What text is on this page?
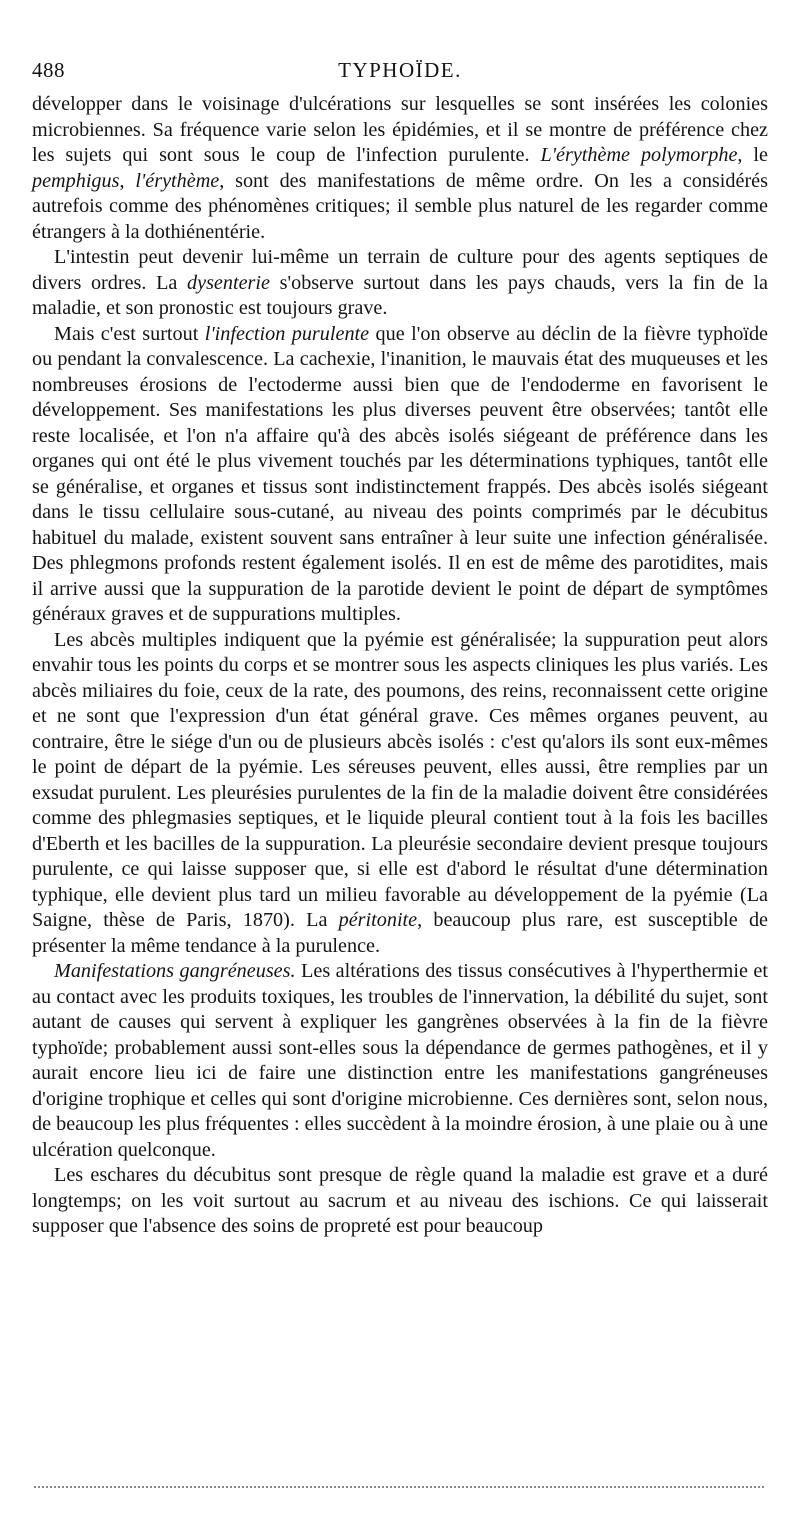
488	TYPHOÏDE.

développer dans le voisinage d'ulcérations sur lesquelles se sont insérées les colonies microbiennes. Sa fréquence varie selon les épidémies, et il se montre de préférence chez les sujets qui sont sous le coup de l'infection purulente. L'érythème polymorphe, le pemphigus, l'érythème, sont des manifestations de même ordre. On les a considérés autrefois comme des phénomènes critiques; il semble plus naturel de les regarder comme étrangers à la dothiénentérie.

L'intestin peut devenir lui-même un terrain de culture pour des agents septiques de divers ordres. La dysenterie s'observe surtout dans les pays chauds, vers la fin de la maladie, et son pronostic est toujours grave.

Mais c'est surtout l'infection purulente que l'on observe au déclin de la fièvre typhoïde ou pendant la convalescence. La cachexie, l'inanition, le mauvais état des muqueuses et les nombreuses érosions de l'ectoderme aussi bien que de l'endoderme en favorisent le développement. Ses manifestations les plus diverses peuvent être observées; tantôt elle reste localisée, et l'on n'a affaire qu'à des abcès isolés siégeant de préférence dans les organes qui ont été le plus vivement touchés par les déterminations typhiques, tantôt elle se généralise, et organes et tissus sont indistinctement frappés. Des abcès isolés siégeant dans le tissu cellulaire sous-cutané, au niveau des points comprimés par le décubitus habituel du malade, existent souvent sans entraîner à leur suite une infection généralisée. Des phlegmons profonds restent également isolés. Il en est de même des parotidites, mais il arrive aussi que la suppuration de la parotide devient le point de départ de symptômes généraux graves et de suppurations multiples.

Les abcès multiples indiquent que la pyémie est généralisée; la suppuration peut alors envahir tous les points du corps et se montrer sous les aspects cliniques les plus variés. Les abcès miliaires du foie, ceux de la rate, des poumons, des reins, reconnaissent cette origine et ne sont que l'expression d'un état général grave. Ces mêmes organes peuvent, au contraire, être le siége d'un ou de plusieurs abcès isolés : c'est qu'alors ils sont eux-mêmes le point de départ de la pyémie. Les séreuses peuvent, elles aussi, être remplies par un exsudat purulent. Les pleurésies purulentes de la fin de la maladie doivent être considérées comme des phlegmasies septiques, et le liquide pleural contient tout à la fois les bacilles d'Eberth et les bacilles de la suppuration. La pleurésie secondaire devient presque toujours purulente, ce qui laisse supposer que, si elle est d'abord le résultat d'une détermination typhique, elle devient plus tard un milieu favorable au développement de la pyémie (La Saigne, thèse de Paris, 1870). La péritonite, beaucoup plus rare, est susceptible de présenter la même tendance à la purulence.

Manifestations gangréneuses. Les altérations des tissus consécutives à l'hyperthermie et au contact avec les produits toxiques, les troubles de l'innervation, la débilité du sujet, sont autant de causes qui servent à expliquer les gangrènes observées à la fin de la fièvre typhoïde; probablement aussi sont-elles sous la dépendance de germes pathogènes, et il y aurait encore lieu ici de faire une distinction entre les manifestations gangréneuses d'origine trophique et celles qui sont d'origine microbienne. Ces dernières sont, selon nous, de beaucoup les plus fréquentes : elles succèdent à la moindre érosion, à une plaie ou à une ulcération quelconque.

Les eschares du décubitus sont presque de règle quand la maladie est grave et a duré longtemps; on les voit surtout au sacrum et au niveau des ischions. Ce qui laisserait supposer que l'absence des soins de propreté est pour beaucoup
